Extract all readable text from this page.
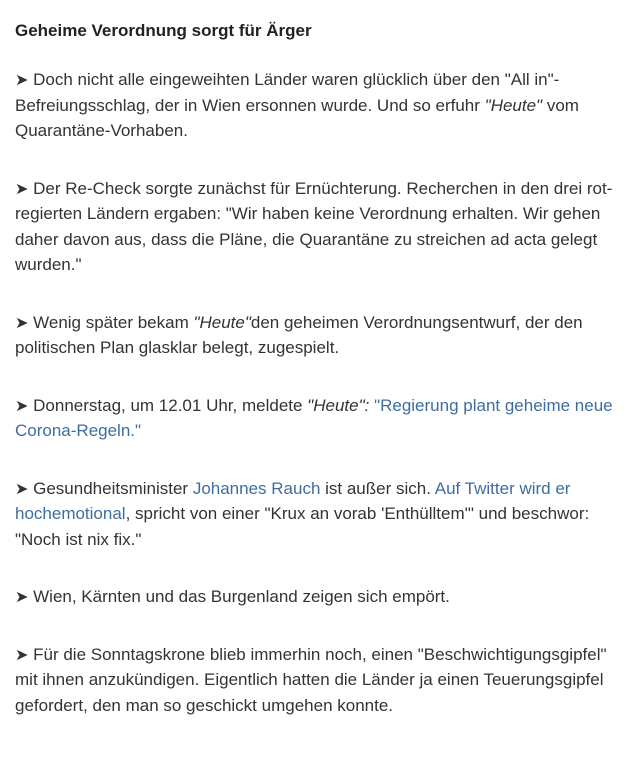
Geheime Verordnung sorgt für Ärger

➤ Doch nicht alle eingeweihten Länder waren glücklich über den "All in"-Befreiungsschlag, der in Wien ersonnen wurde. Und so erfuhr "Heute" vom Quarantäne-Vorhaben.

➤ Der Re-Check sorgte zunächst für Ernüchterung. Recherchen in den drei rot-regierten Ländern ergaben: "Wir haben keine Verordnung erhalten. Wir gehen daher davon aus, dass die Pläne, die Quarantäne zu streichen ad acta gelegt wurden."

➤ Wenig später bekam "Heute"den geheimen Verordnungsentwurf, der den politischen Plan glasklar belegt, zugespielt.

➤ Donnerstag, um 12.01 Uhr, meldete "Heute": "Regierung plant geheime neue Corona-Regeln."

➤ Gesundheitsminister Johannes Rauch ist außer sich. Auf Twitter wird er hochemotional, spricht von einer "Krux an vorab 'Enthülltem'" und beschwor: "Noch ist nix fix."

➤ Wien, Kärnten und das Burgenland zeigen sich empört.

➤ Für die Sonntagskrone blieb immerhin noch, einen "Beschwichtigungsgipfel" mit ihnen anzukündigen. Eigentlich hatten die Länder ja einen Teuerungsgipfel gefordert, den man so geschickt umgehen konnte.
